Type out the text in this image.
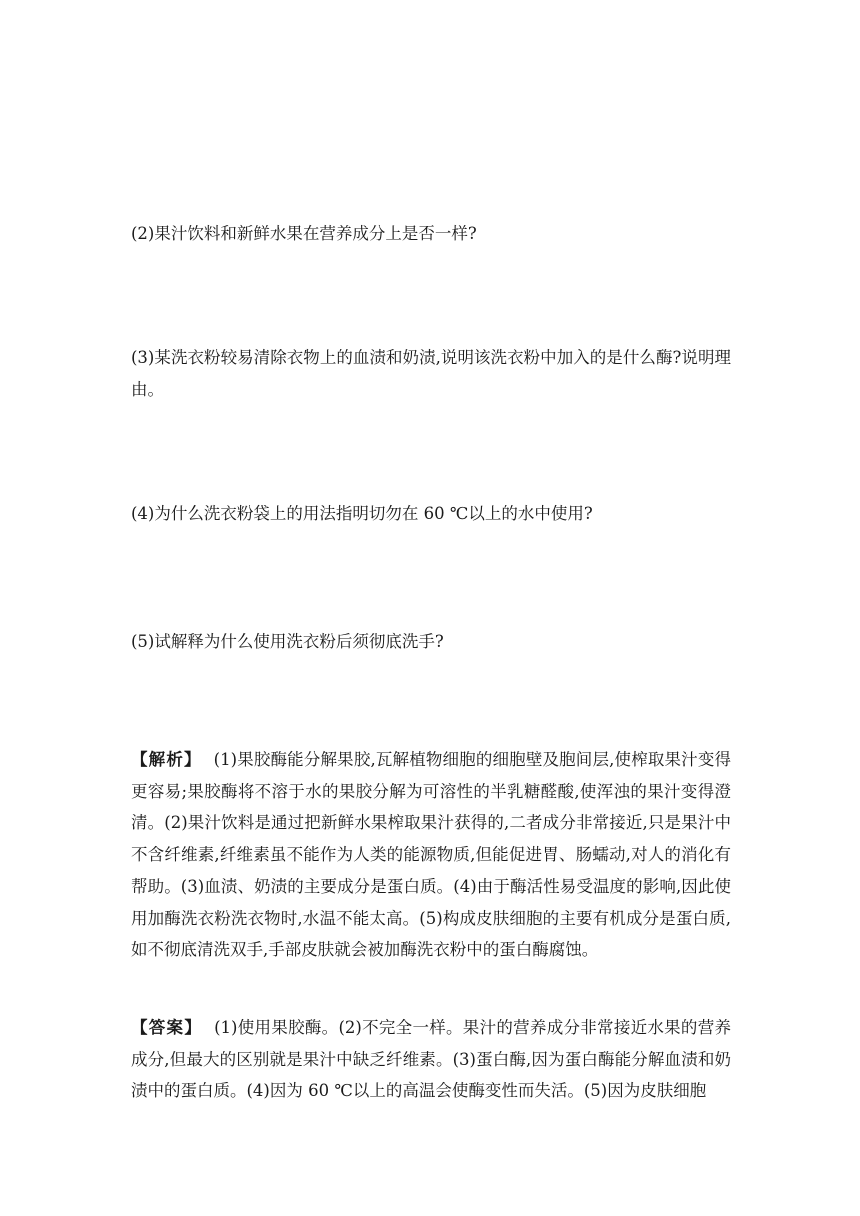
(2)果汁饮料和新鲜水果在营养成分上是否一样?

(3)某洗衣粉较易清除衣物上的血渍和奶渍,说明该洗衣粉中加入的是什么酶?说明理由。

(4)为什么洗衣粉袋上的用法指明切勿在 60 ℃以上的水中使用?

(5)试解释为什么使用洗衣粉后须彻底洗手?

【解析】 (1)果胶酶能分解果胶,瓦解植物细胞的细胞壁及胞间层,使榨取果汁变得更容易;果胶酶将不溶于水的果胶分解为可溶性的半乳糖醛酸,使浑浊的果汁变得澄清。(2)果汁饮料是通过把新鲜水果榨取果汁获得的,二者成分非常接近,只是果汁中不含纤维素,纤维素虽不能作为人类的能源物质,但能促进胃、肠蠕动,对人的消化有帮助。(3)血渍、奶渍的主要成分是蛋白质。(4)由于酶活性易受温度的影响,因此使用加酶洗衣粉洗衣物时,水温不能太高。(5)构成皮肤细胞的主要有机成分是蛋白质,如不彻底清洗双手,手部皮肤就会被加酶洗衣粉中的蛋白酶腐蚀。

【答案】 (1)使用果胶酶。(2)不完全一样。果汁的营养成分非常接近水果的营养成分,但最大的区别就是果汁中缺乏纤维素。(3)蛋白酶,因为蛋白酶能分解血渍和奶渍中的蛋白质。(4)因为 60 ℃以上的高温会使酶变性而失活。(5)因为皮肤细胞
